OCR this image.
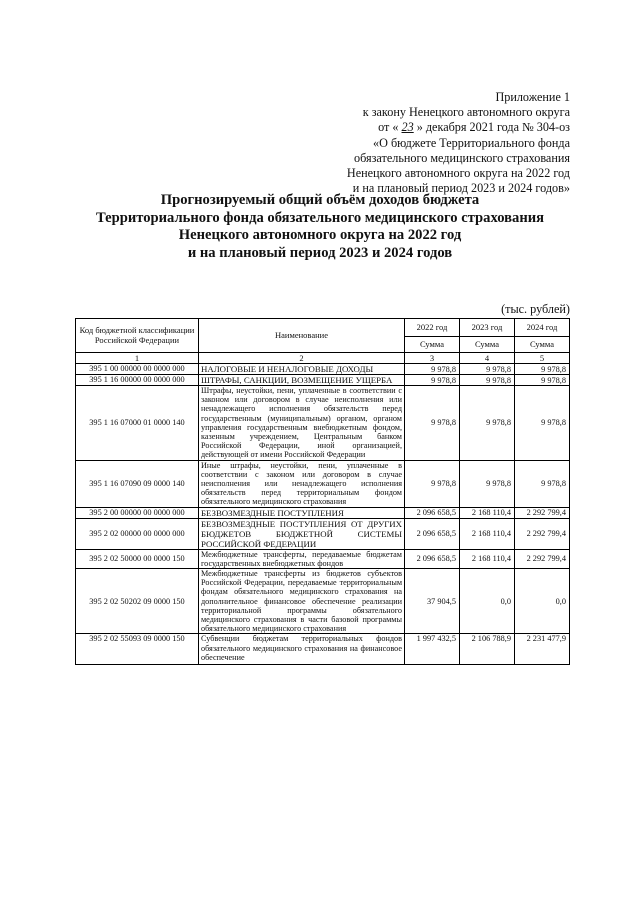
Приложение 1
к закону Ненецкого автономного округа
от « 23 » декабря 2021 года № 304-оз
«О бюджете Территориального фонда
обязательного медицинского страхования
Ненецкого автономного округа на 2022 год
и на плановый период 2023 и 2024 годов»
Прогнозируемый общий объём доходов бюджета
Территориального фонда обязательного медицинского страхования
Ненецкого автономного округа на 2022 год
и на плановый период 2023 и 2024 годов
(тыс. рублей)
Код бюджетной классификации Российской Федерации	Наименование	2022 год	2023 год	2024 год
		Сумма	Сумма	Сумма
1	2	3	4	5
395 1 00 00000 00 0000 000	НАЛОГОВЫЕ И НЕНАЛОГОВЫЕ ДОХОДЫ	9 978,8	9 978,8	9 978,8
395 1 16 00000 00 0000 000	ШТРАФЫ, САНКЦИИ, ВОЗМЕЩЕНИЕ УЩЕРБА	9 978,8	9 978,8	9 978,8
395 1 16 07000 01 0000 140	Штрафы, неустойки, пени, уплаченные в соответствии с законом или договором в случае неисполнения или ненадлежащего исполнения обязательств перед государственным (муниципальным) органом, органом управления государственным внебюджетным фондом, казенным учреждением, Центральным банком Российской Федерации, иной организацией, действующей от имени Российской Федерации	9 978,8	9 978,8	9 978,8
395 1 16 07090 09 0000 140	Иные штрафы, неустойки, пени, уплаченные в соответствии с законом или договором в случае неисполнения или ненадлежащего исполнения обязательств перед территориальным фондом обязательного медицинского страхования	9 978,8	9 978,8	9 978,8
395 2 00 00000 00 0000 000	БЕЗВОЗМЕЗДНЫЕ ПОСТУПЛЕНИЯ	2 096 658,5	2 168 110,4	2 292 799,4
395 2 02 00000 00 0000 000	БЕЗВОЗМЕЗДНЫЕ ПОСТУПЛЕНИЯ ОТ ДРУГИХ БЮДЖЕТОВ БЮДЖЕТНОЙ СИСТЕМЫ РОССИЙСКОЙ ФЕДЕРАЦИИ	2 096 658,5	2 168 110,4	2 292 799,4
395 2 02 50000 00 0000 150	Межбюджетные трансферты, передаваемые бюджетам государственных внебюджетных фондов	2 096 658,5	2 168 110,4	2 292 799,4
395 2 02 50202 09 0000 150	Межбюджетные трансферты из бюджетов субъектов Российской Федерации, передаваемые территориальным фондам обязательного медицинского страхования на дополнительное финансовое обеспечение реализации территориальной программы обязательного медицинского страхования в части базовой программы обязательного медицинского страхования	37 904,5	0,0	0,0
395 2 02 55093 09 0000 150	Субвенции бюджетам территориальных фондов обязательного медицинского страхования на финансовое обеспечение	1 997 432,5	2 106 788,9	2 231 477,9
